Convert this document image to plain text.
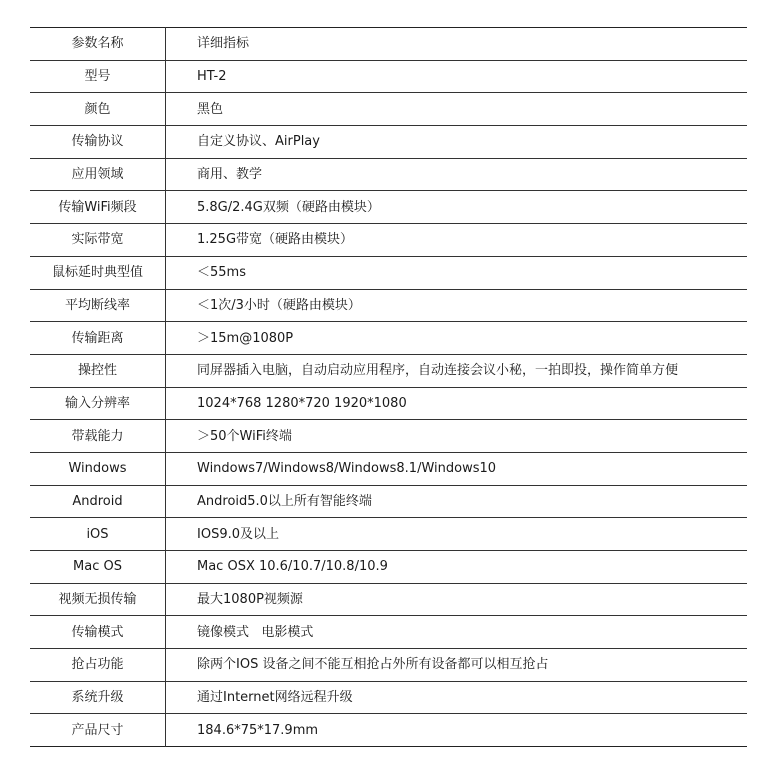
参数名称	详细指标
型号	HT-2
颜色	黑色
传输协议	自定义协议、AirPlay
应用领域	商用、教学
传输WiFi频段	5.8G/2.4G双频（硬路由模块）
实际带宽	1.25G带宽（硬路由模块）
鼠标延时典型值	＜55ms
平均断线率	＜1次/3小时（硬路由模块）
传输距离	＞15m@1080P
操控性	同屏器插入电脑，自动启动应用程序，自动连接会议小秘，一拍即投，操作简单方便
输入分辨率	1024*768 1280*720 1920*1080
带载能力	＞50个WiFi终端
Windows	Windows7/Windows8/Windows8.1/Windows10
Android	Android5.0以上所有智能终端
iOS	IOS9.0及以上
Mac OS	Mac OSX 10.6/10.7/10.8/10.9
视频无损传输	最大1080P视频源
传输模式	镜像模式   电影模式
抢占功能	除两个IOS 设备之间不能互相抢占外所有设备都可以相互抢占
系统升级	通过Internet网络远程升级
产品尺寸	184.6*75*17.9mm
